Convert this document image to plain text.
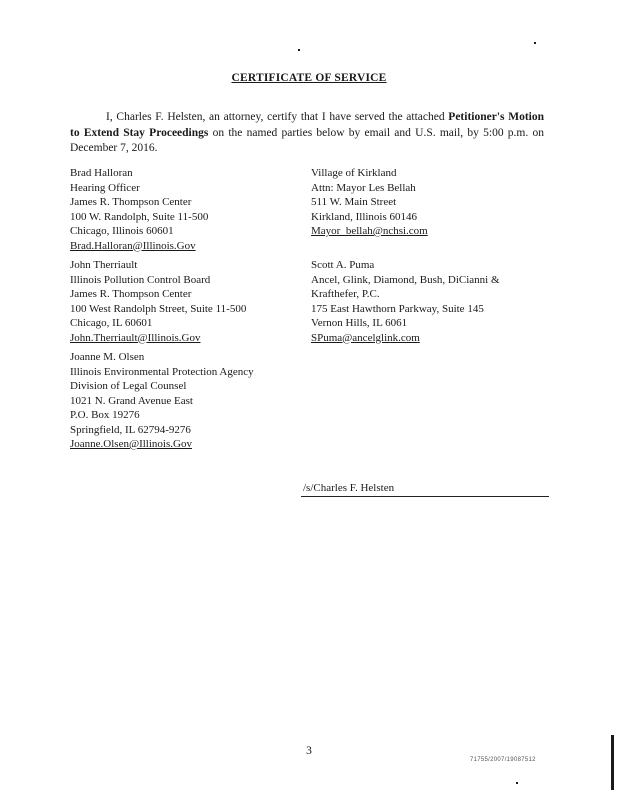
CERTIFICATE OF SERVICE
I, Charles F. Helsten, an attorney, certify that I have served the attached Petitioner's Motion to Extend Stay Proceedings on the named parties below by email and U.S. mail, by 5:00 p.m. on December 7, 2016.
Brad Halloran
Hearing Officer
James R. Thompson Center
100 W. Randolph, Suite 11-500
Chicago, Illinois 60601
Brad.Halloran@Illinois.Gov
Village of Kirkland
Attn: Mayor Les Bellah
511 W. Main Street
Kirkland, Illinois 60146
Mayor_bellah@nchsi.com
John Therriault
Illinois Pollution Control Board
James R. Thompson Center
100 West Randolph Street, Suite 11-500
Chicago, IL 60601
John.Therriault@Illinois.Gov
Scott A. Puma
Ancel, Glink, Diamond, Bush, DiCianni &
Krafthefer, P.C.
175 East Hawthorn Parkway, Suite 145
Vernon Hills, IL 6061
SPuma@ancelglink.com
Joanne M. Olsen
Illinois Environmental Protection Agency
Division of Legal Counsel
1021 N. Grand Avenue East
P.O. Box 19276
Springfield, IL 62794-9276
Joanne.Olsen@Illinois.Gov
/s/Charles F. Helsten
3
71755/2007/19087512
